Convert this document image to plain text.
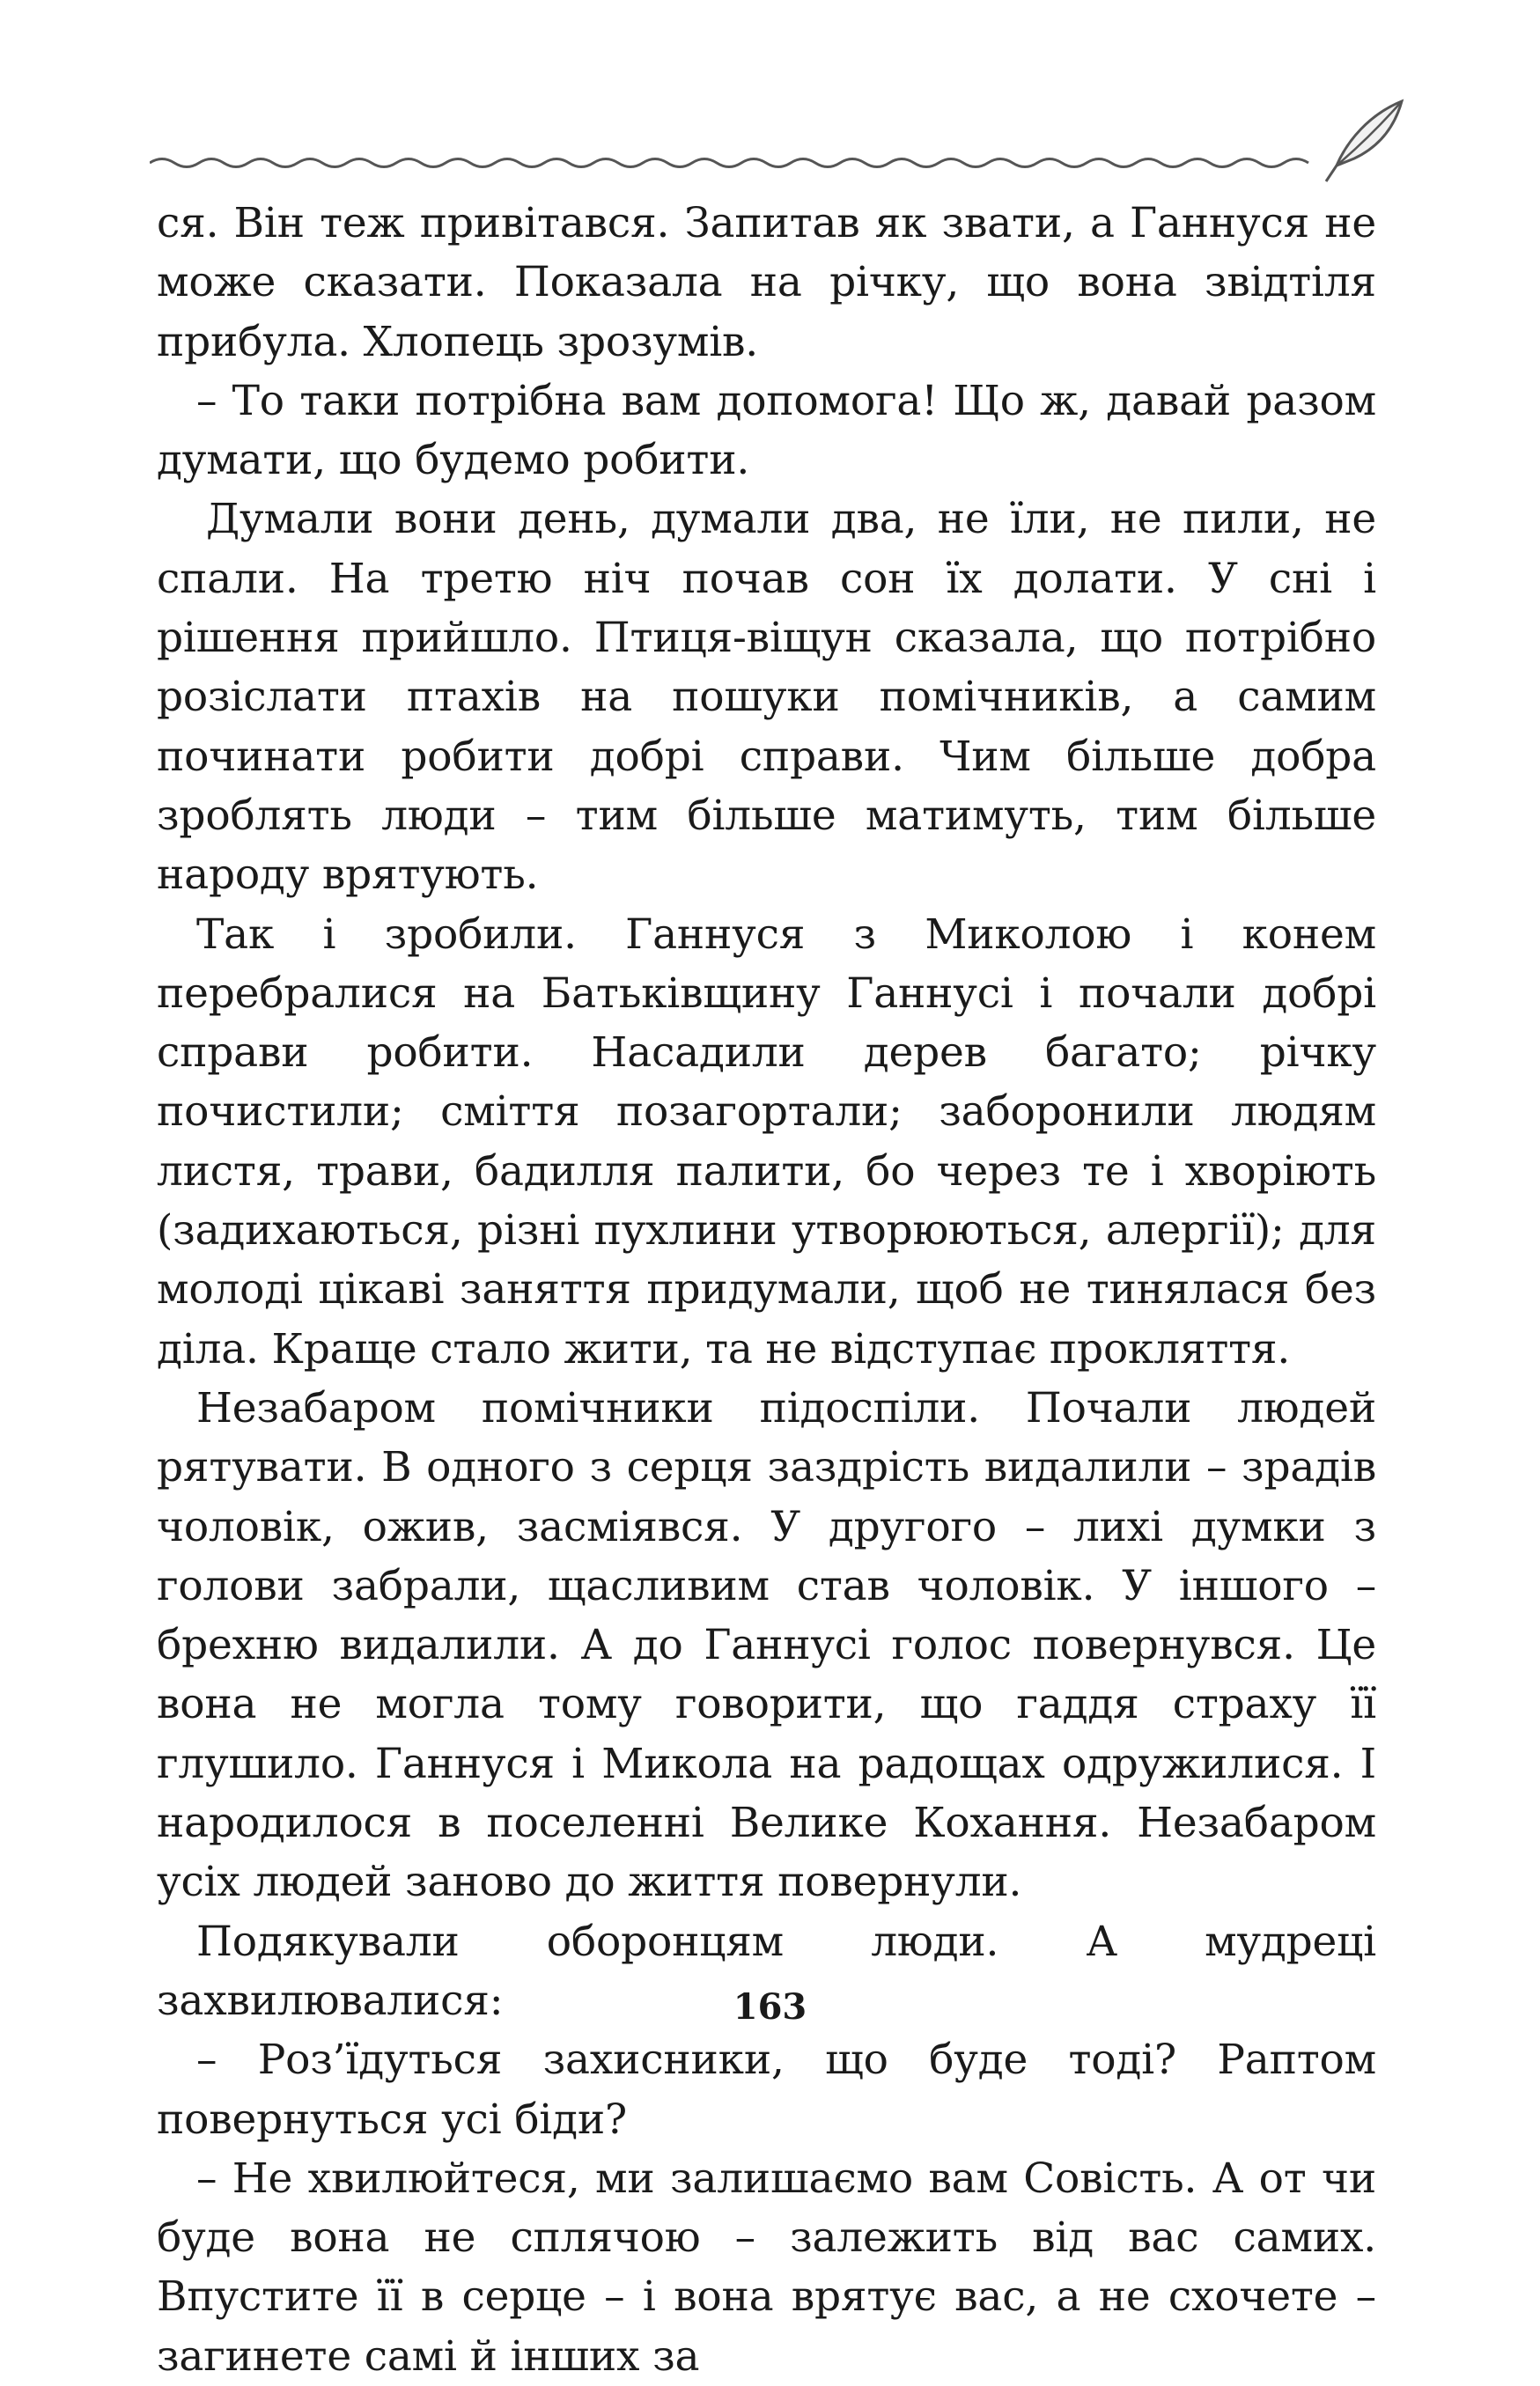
ся. Він теж привітався. Запитав як звати, а Ганнуся не може сказати. Показала на річку, що вона звідтіля прибула. Хлопець зрозумів.

– То таки потрібна вам допомога! Що ж, давай разом думати, що будемо робити.

Думали вони день, думали два, не їли, не пили, не спали. На третю ніч почав сон їх долати. У сні і рішення прийшло. Птиця-віщун сказала, що потрібно розіслати птахів на пошуки помічників, а самим починати робити добрі справи. Чим більше добра зроблять люди – тим більше матимуть, тим більше народу врятують.

Так і зробили. Ганнуся з Миколою і конем перебралися на Батьківщину Ганнусі і почали добрі справи робити. Насадили дерев багато; річку почистили; сміття позагортали; заборонили людям листя, трави, бадилля палити, бо через те і хворіють (задихаються, різні пухлини утворюються, алергії); для молоді цікаві заняття придумали, щоб не тинялася без діла. Краще стало жити, та не відступає прокляття.

Незабаром помічники підоспіли. Почали людей рятувати. В одного з серця заздрість видалили – зрадів чоловік, ожив, засміявся. У другого – лихі думки з голови забрали, щасливим став чоловік. У іншого – брехню видалили. А до Ганнусі голос повернувся. Це вона не могла тому говорити, що гаддя страху її глушило. Ганнуся і Микола на радощах одружилися. І народилося в поселенні Велике Кохання. Незабаром усіх людей заново до життя повернули.

Подякували оборонцям люди. А мудреці захвилювалися:

– Роз’їдуться захисники, що буде тоді? Раптом повернуться усі біди?

– Не хвилюйтеся, ми залишаємо вам Совість. А от чи буде вона не сплячою – залежить від вас самих. Впустите її в серце – і вона врятує вас, а не схочете – загинете самі й інших за

163
